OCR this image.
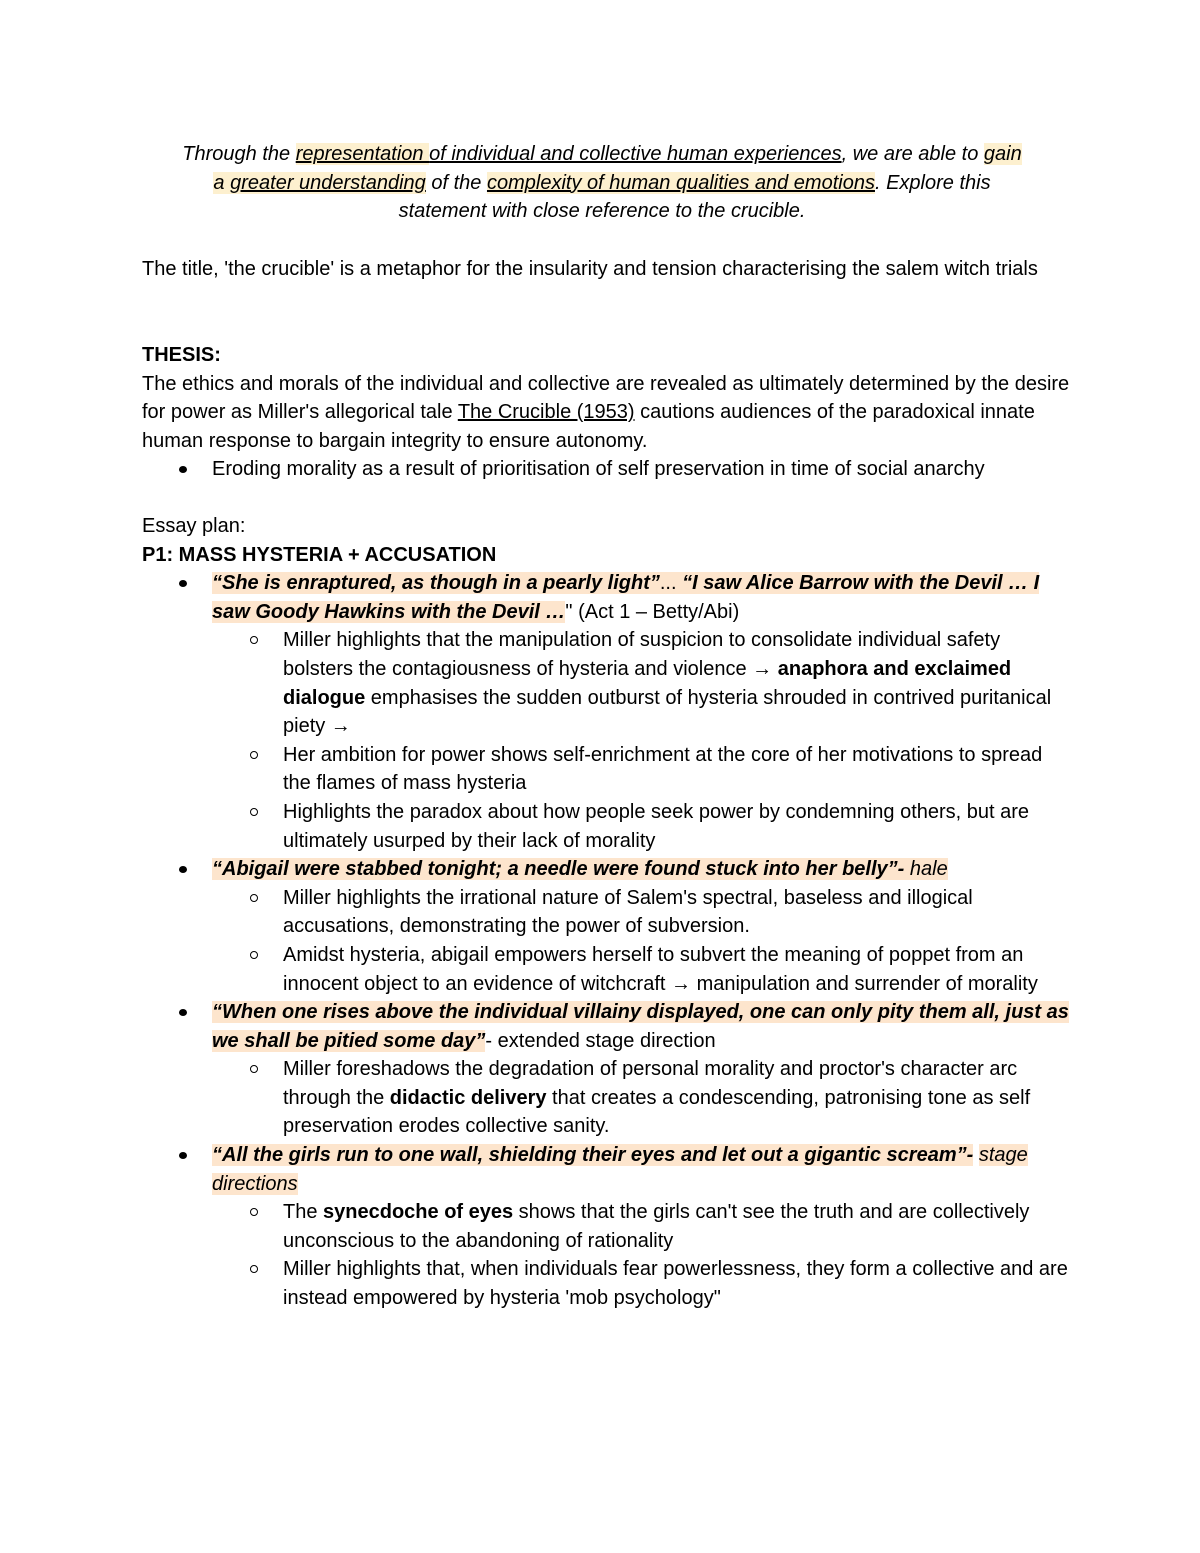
Through the representation of individual and collective human experiences, we are able to gain
a greater understanding of the complexity of human qualities and emotions. Explore this
statement with close reference to the crucible.
The title, 'the crucible' is a metaphor for the insularity and tension characterising the salem witch trials
THESIS:
The ethics and morals of the individual and collective are revealed as ultimately determined by the desire for power as Miller's allegorical tale The Crucible (1953) cautions audiences of the paradoxical innate human response to bargain integrity to ensure autonomy.
Eroding morality as a result of prioritisation of self preservation in time of social anarchy
Essay plan:
P1: MASS HYSTERIA + ACCUSATION
“She is enraptured, as though in a pearly light”... “I saw Alice Barrow with the Devil … I saw Goody Hawkins with the Devil …" (Act 1 – Betty/Abi)
Miller highlights that the manipulation of suspicion to consolidate individual safety bolsters the contagiousness of hysteria and violence → anaphora and exclaimed dialogue emphasises the sudden outburst of hysteria shrouded in contrived puritanical piety →
Her ambition for power shows self-enrichment at the core of her motivations to spread the flames of mass hysteria
Highlights the paradox about how people seek power by condemning others, but are ultimately usurped by their lack of morality
“Abigail were stabbed tonight; a needle were found stuck into her belly”- hale
Miller highlights the irrational nature of Salem's spectral, baseless and illogical accusations, demonstrating the power of subversion.
Amidst hysteria, abigail empowers herself to subvert the meaning of poppet from an innocent object to an evidence of witchcraft → manipulation and surrender of morality
“When one rises above the individual villainy displayed, one can only pity them all, just as we shall be pitied some day”- extended stage direction
Miller foreshadows the degradation of personal morality and proctor's character arc through the didactic delivery that creates a condescending, patronising tone as self preservation erodes collective sanity.
“All the girls run to one wall, shielding their eyes and let out a gigantic scream”- stage directions
The synecdoche of eyes shows that the girls can't see the truth and are collectively unconscious to the abandoning of rationality
Miller highlights that, when individuals fear powerlessness, they form a collective and are instead empowered by hysteria 'mob psychology"
